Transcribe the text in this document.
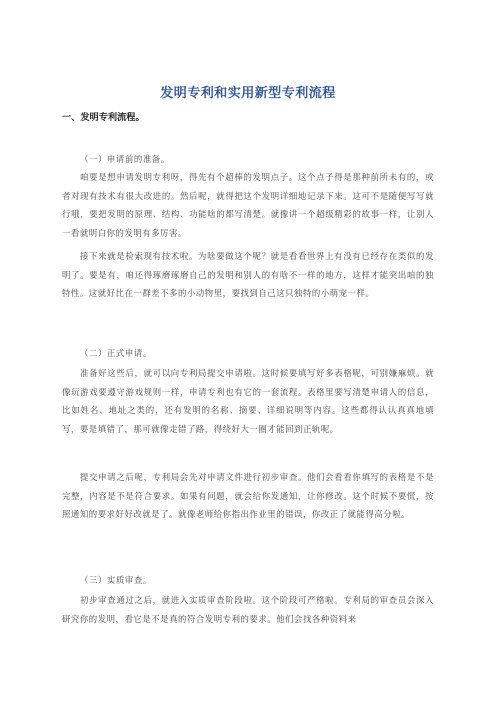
发明专利和实用新型专利流程
一、发明专利流程。

（一）申请前的准备。

咱要是想申请发明专利呀，得先有个超棒的发明点子。这个点子得是那种前所未有的，或者对现有技术有很大改进的。然后呢，就得把这个发明详细地记录下来。这可不是随便写写就行哦，要把发明的原理、结构、功能啥的都写清楚。就像讲一个超级精彩的故事一样，让别人一看就明白你的发明有多厉害。

接下来就是检索现有技术啦。为啥要做这个呢？就是看看世界上有没有已经存在类似的发明了。要是有，咱还得琢磨琢磨自己的发明和别人的有啥不一样的地方，这样才能突出咱的独特性。这就好比在一群差不多的小动物里，要找到自己这只独特的小萌宠一样。

（二）正式申请。

准备好这些后，就可以向专利局提交申请啦。这时候要填写好多表格呢，可别嫌麻烦。就像玩游戏要遵守游戏规则一样，申请专利也有它的一套流程。表格里要写清楚申请人的信息，比如姓名、地址之类的，还有发明的名称、摘要、详细说明等内容。这些都得认认真真地填写，要是填错了，那可就像走错了路，得绕好大一圈才能回到正轨呢。

提交申请之后呢，专利局会先对申请文件进行初步审查。他们会看看你填写的表格是不是完整，内容是不是符合要求。如果有问题，就会给你发通知，让你修改。这个时候不要慌，按照通知的要求好好改就是了。就像老师给你指出作业里的错误，你改正了就能得高分啦。

（三）实质审查。

初步审查通过之后，就进入实质审查阶段啦。这个阶段可严格啦。专利局的审查员会深入研究你的发明，看它是不是真的符合发明专利的要求。他们会找各种资料来
